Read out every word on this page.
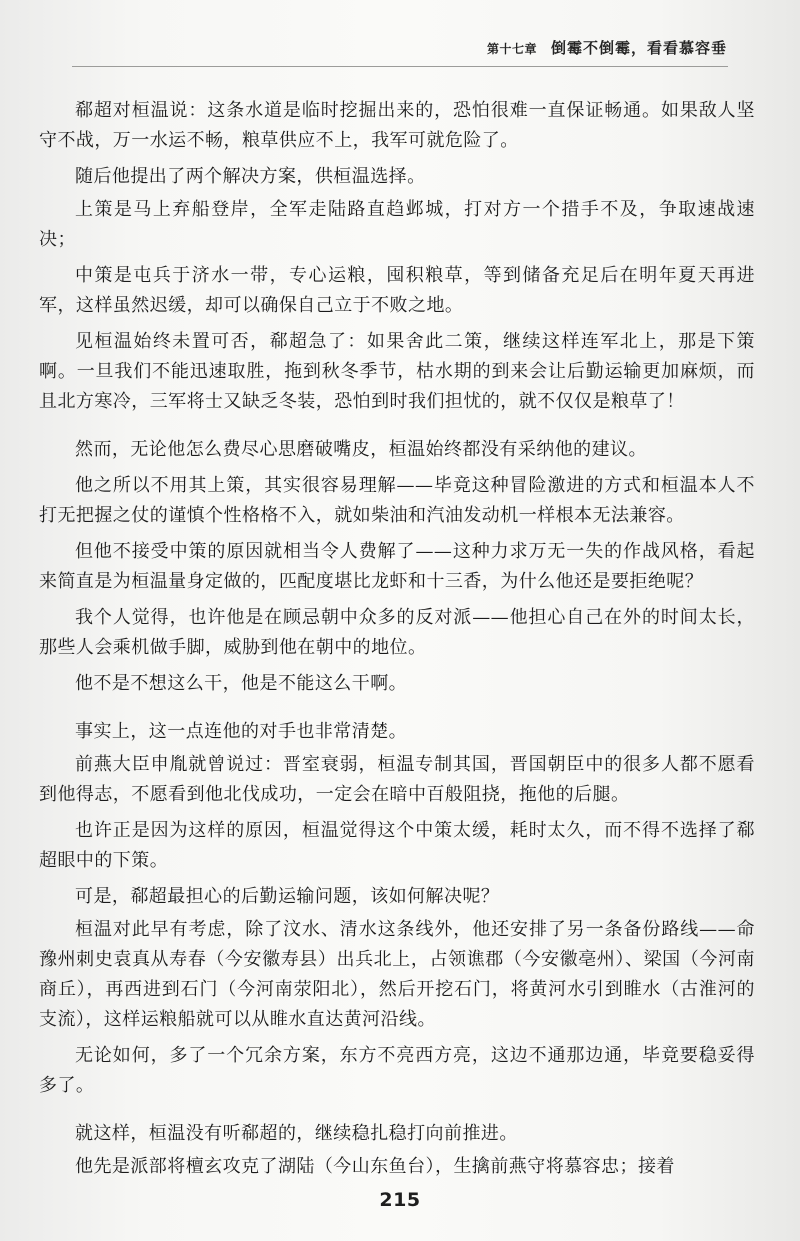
第十七章 倒霉不倒霉，看看慕容垂

郗超对桓温说：这条水道是临时挖掘出来的，恐怕很难一直保证畅通。如果敌人坚守不战，万一水运不畅，粮草供应不上，我军可就危险了。

随后他提出了两个解决方案，供桓温选择。

上策是马上弃船登岸，全军走陆路直趋邺城，打对方一个措手不及，争取速战速决；

中策是屯兵于济水一带，专心运粮，囤积粮草，等到储备充足后在明年夏天再进军，这样虽然迟缓，却可以确保自己立于不败之地。

见桓温始终未置可否，郗超急了：如果舍此二策，继续这样连军北上，那是下策啊。一旦我们不能迅速取胜，拖到秋冬季节，枯水期的到来会让后勤运输更加麻烦，而且北方寒冷，三军将士又缺乏冬装，恐怕到时我们担忧的，就不仅仅是粮草了！

然而，无论他怎么费尽心思磨破嘴皮，桓温始终都没有采纳他的建议。

他之所以不用其上策，其实很容易理解——毕竟这种冒险激进的方式和桓温本人不打无把握之仗的谨慎个性格格不入，就如柴油和汽油发动机一样根本无法兼容。

但他不接受中策的原因就相当令人费解了——这种力求万无一失的作战风格，看起来简直是为桓温量身定做的，匹配度堪比龙虾和十三香，为什么他还是要拒绝呢？

我个人觉得，也许他是在顾忌朝中众多的反对派——他担心自己在外的时间太长，那些人会乘机做手脚，威胁到他在朝中的地位。

他不是不想这么干，他是不能这么干啊。

事实上，这一点连他的对手也非常清楚。

前燕大臣申胤就曾说过：晋室衰弱，桓温专制其国，晋国朝臣中的很多人都不愿看到他得志，不愿看到他北伐成功，一定会在暗中百般阻挠，拖他的后腿。

也许正是因为这样的原因，桓温觉得这个中策太缓，耗时太久，而不得不选择了郗超眼中的下策。

可是，郗超最担心的后勤运输问题，该如何解决呢？

桓温对此早有考虑，除了汶水、清水这条线外，他还安排了另一条备份路线——命豫州刺史袁真从寿春（今安徽寿县）出兵北上，占领谯郡（今安徽亳州）、梁国（今河南商丘），再西进到石门（今河南荥阳北），然后开挖石门，将黄河水引到睢水（古淮河的支流），这样运粮船就可以从睢水直达黄河沿线。

无论如何，多了一个冗余方案，东方不亮西方亮，这边不通那边通，毕竟要稳妥得多了。

就这样，桓温没有听郗超的，继续稳扎稳打向前推进。

他先是派部将檀玄攻克了湖陆（今山东鱼台），生擒前燕守将慕容忠；接着

215
